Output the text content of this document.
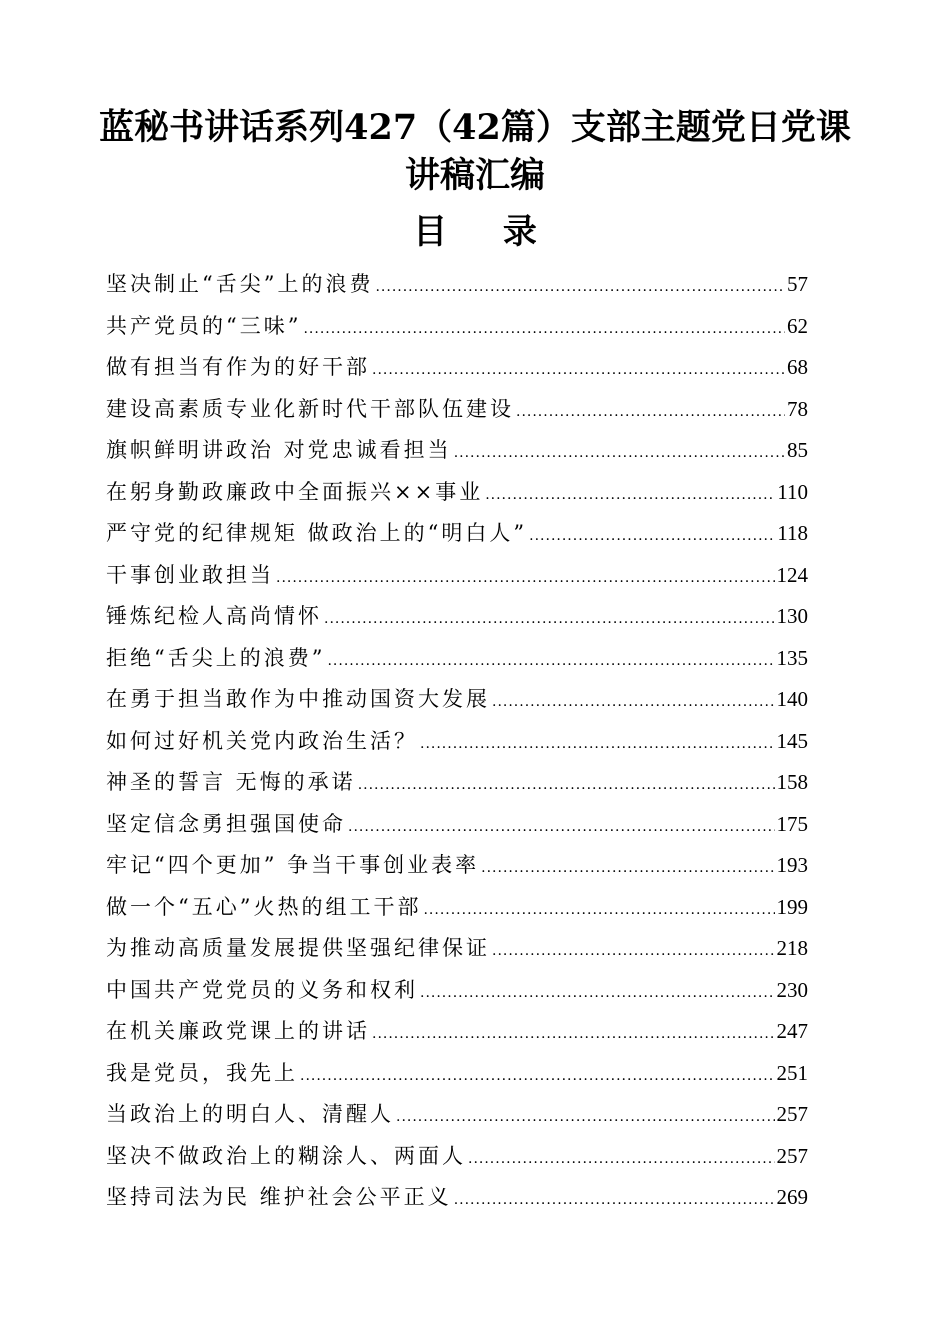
蓝秘书讲话系列427（42篇）支部主题党日党课
讲稿汇编
目 录
坚决制止“舌尖”上的浪费 .....	57
共产党员的“三味” .....	62
做有担当有作为的好干部 .....	68
建设高素质专业化新时代干部队伍建设 .....	78
旗帜鲜明讲政治 对党忠诚看担当 .....	85
在躬身勤政廉政中全面振兴××事业 .....	110
严守党的纪律规矩 做政治上的“明白人” .....	118
干事创业敢担当 .....	124
锤炼纪检人高尚情怀 .....	130
拒绝“舌尖上的浪费” .....	135
在勇于担当敢作为中推动国资大发展 .....	140
如何过好机关党内政治生活？ .....	145
神圣的誓言 无悔的承诺 .....	158
坚定信念勇担强国使命 .....	175
牢记“四个更加” 争当干事创业表率 .....	193
做一个“五心”火热的组工干部 .....	199
为推动高质量发展提供坚强纪律保证 .....	218
中国共产党党员的义务和权利 .....	230
在机关廉政党课上的讲话 .....	247
我是党员，我先上 .....	251
当政治上的明白人、清醒人 .....	257
坚决不做政治上的糊涂人、两面人 .....	257
坚持司法为民 维护社会公平正义 .....	269
